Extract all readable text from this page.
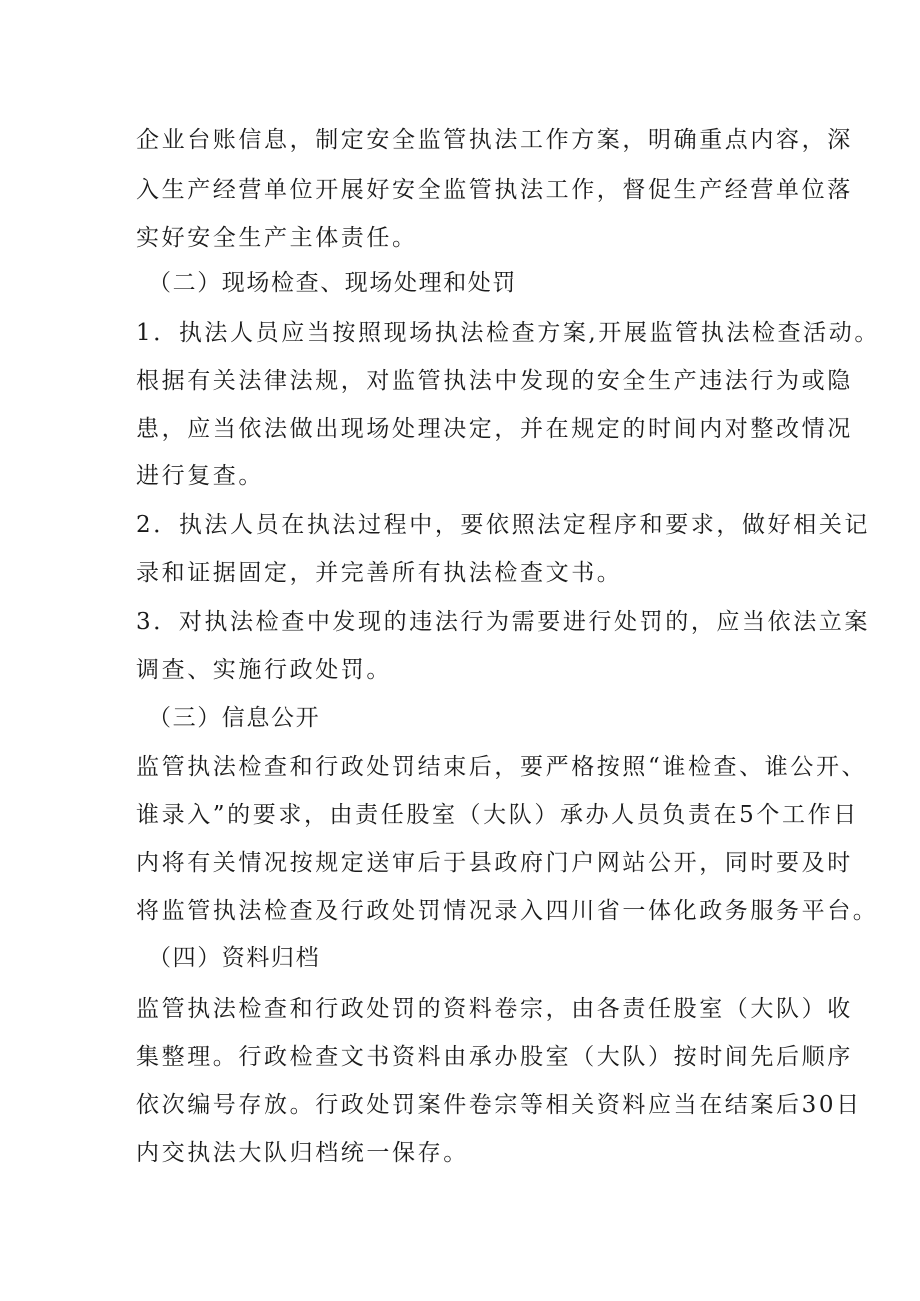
企业台账信息，制定安全监管执法工作方案，明确重点内容，深
入生产经营单位开展好安全监管执法工作，督促生产经营单位落
实好安全生产主体责任。
（二）现场检查、现场处理和处罚
1．执法人员应当按照现场执法检查方案,开展监管执法检查活动。
根据有关法律法规，对监管执法中发现的安全生产违法行为或隐
患，应当依法做出现场处理决定，并在规定的时间内对整改情况
进行复查。
2．执法人员在执法过程中，要依照法定程序和要求，做好相关记
录和证据固定，并完善所有执法检查文书。
3．对执法检查中发现的违法行为需要进行处罚的，应当依法立案
调查、实施行政处罚。
（三）信息公开
监管执法检查和行政处罚结束后，要严格按照“谁检查、谁公开、
谁录入”的要求，由责任股室（大队）承办人员负责在5个工作日
内将有关情况按规定送审后于县政府门户网站公开，同时要及时
将监管执法检查及行政处罚情况录入四川省一体化政务服务平台。
（四）资料归档
监管执法检查和行政处罚的资料卷宗，由各责任股室（大队）收
集整理。行政检查文书资料由承办股室（大队）按时间先后顺序
依次编号存放。行政处罚案件卷宗等相关资料应当在结案后30日
内交执法大队归档统一保存。
